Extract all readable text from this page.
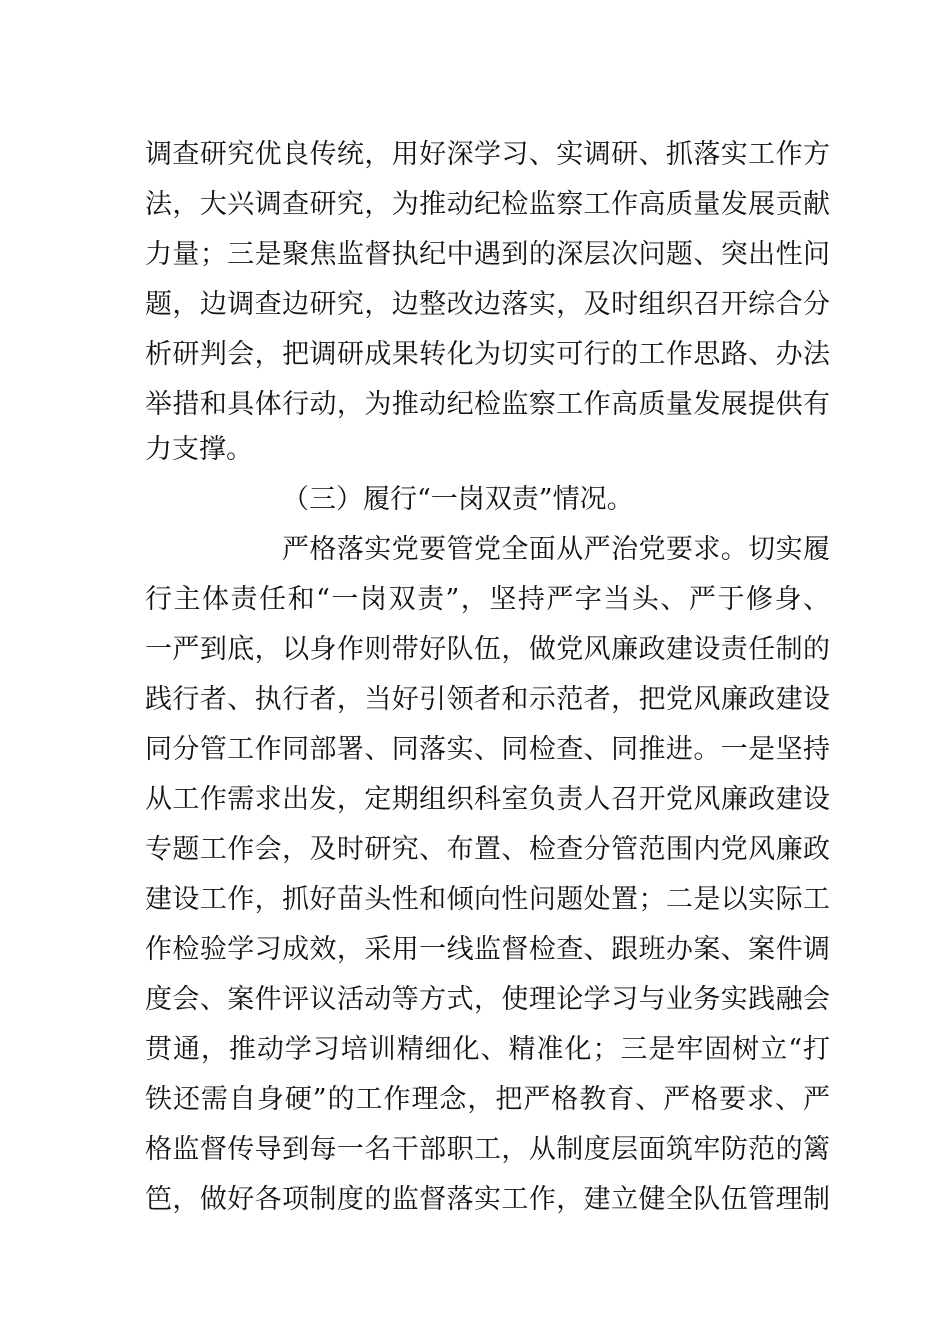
调查研究优良传统，用好深学习、实调研、抓落实工作方
法，大兴调查研究，为推动纪检监察工作高质量发展贡献
力量；三是聚焦监督执纪中遇到的深层次问题、突出性问
题，边调查边研究，边整改边落实，及时组织召开综合分
析研判会，把调研成果转化为切实可行的工作思路、办法
举措和具体行动，为推动纪检监察工作高质量发展提供有
力支撑。
（三）履行“一岗双责”情况。
严格落实党要管党全面从严治党要求。切实履
行主体责任和“一岗双责”，坚持严字当头、严于修身、
一严到底，以身作则带好队伍，做党风廉政建设责任制的
践行者、执行者，当好引领者和示范者，把党风廉政建设
同分管工作同部署、同落实、同检查、同推进。一是坚持
从工作需求出发，定期组织科室负责人召开党风廉政建设
专题工作会，及时研究、布置、检查分管范围内党风廉政
建设工作，抓好苗头性和倾向性问题处置；二是以实际工
作检验学习成效，采用一线监督检查、跟班办案、案件调
度会、案件评议活动等方式，使理论学习与业务实践融会
贯通，推动学习培训精细化、精准化；三是牢固树立“打
铁还需自身硬”的工作理念，把严格教育、严格要求、严
格监督传导到每一名干部职工，从制度层面筑牢防范的篱
笆，做好各项制度的监督落实工作，建立健全队伍管理制
